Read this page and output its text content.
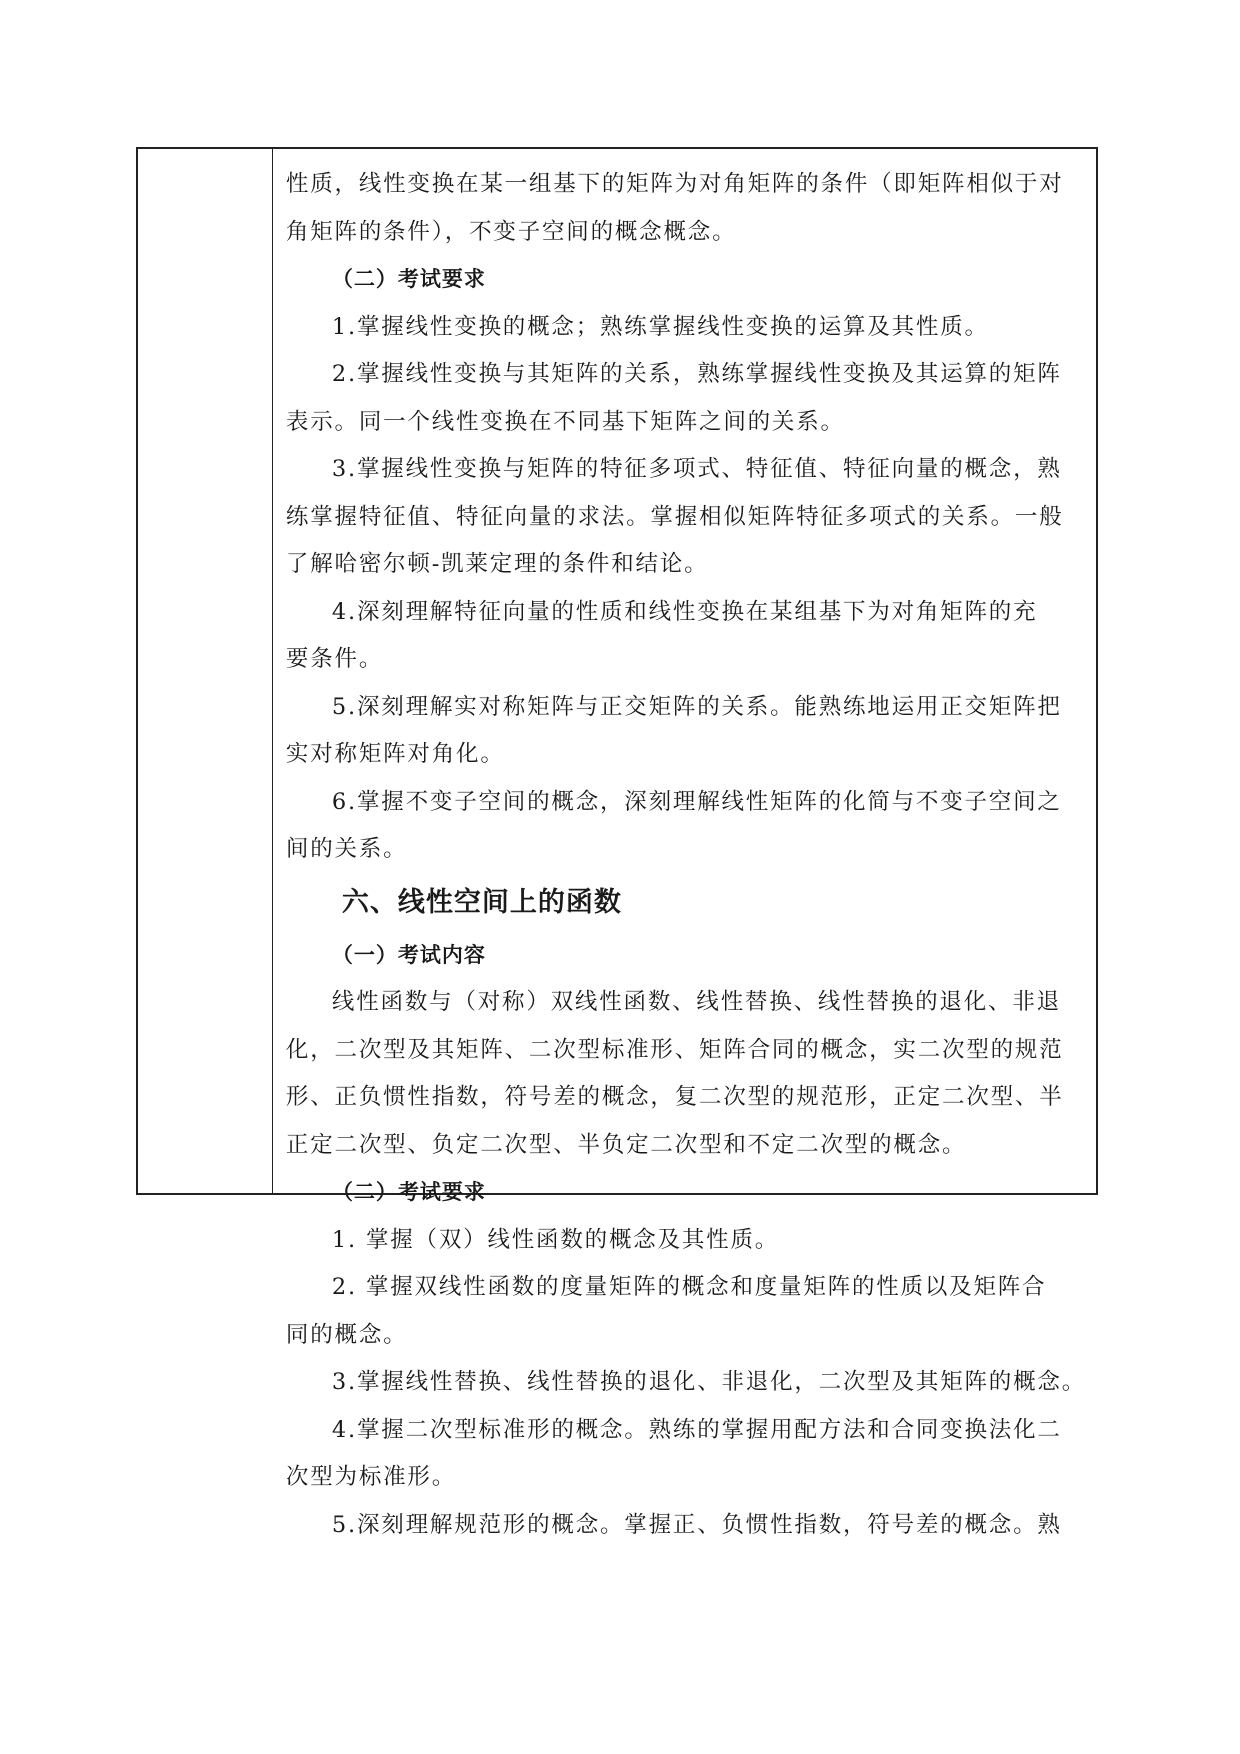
性质，线性变换在某一组基下的矩阵为对角矩阵的条件（即矩阵相似于对
角矩阵的条件），不变子空间的概念概念。
（二）考试要求
1.掌握线性变换的概念；熟练掌握线性变换的运算及其性质。
2.掌握线性变换与其矩阵的关系，熟练掌握线性变换及其运算的矩阵
表示。同一个线性变换在不同基下矩阵之间的关系。
3.掌握线性变换与矩阵的特征多项式、特征值、特征向量的概念，熟
练掌握特征值、特征向量的求法。掌握相似矩阵特征多项式的关系。一般
了解哈密尔顿-凯莱定理的条件和结论。
4.深刻理解特征向量的性质和线性变换在某组基下为对角矩阵的充
要条件。
5.深刻理解实对称矩阵与正交矩阵的关系。能熟练地运用正交矩阵把
实对称矩阵对角化。
6.掌握不变子空间的概念，深刻理解线性矩阵的化简与不变子空间之
间的关系。
六、线性空间上的函数
（一）考试内容
线性函数与（对称）双线性函数、线性替换、线性替换的退化、非退
化，二次型及其矩阵、二次型标准形、矩阵合同的概念，实二次型的规范
形、正负惯性指数，符号差的概念，复二次型的规范形，正定二次型、半
正定二次型、负定二次型、半负定二次型和不定二次型的概念。
（二）考试要求
1. 掌握（双）线性函数的概念及其性质。
2. 掌握双线性函数的度量矩阵的概念和度量矩阵的性质以及矩阵合
同的概念。
3.掌握线性替换、线性替换的退化、非退化，二次型及其矩阵的概念。
4.掌握二次型标准形的概念。熟练的掌握用配方法和合同变换法化二
次型为标准形。
5.深刻理解规范形的概念。掌握正、负惯性指数，符号差的概念。熟
